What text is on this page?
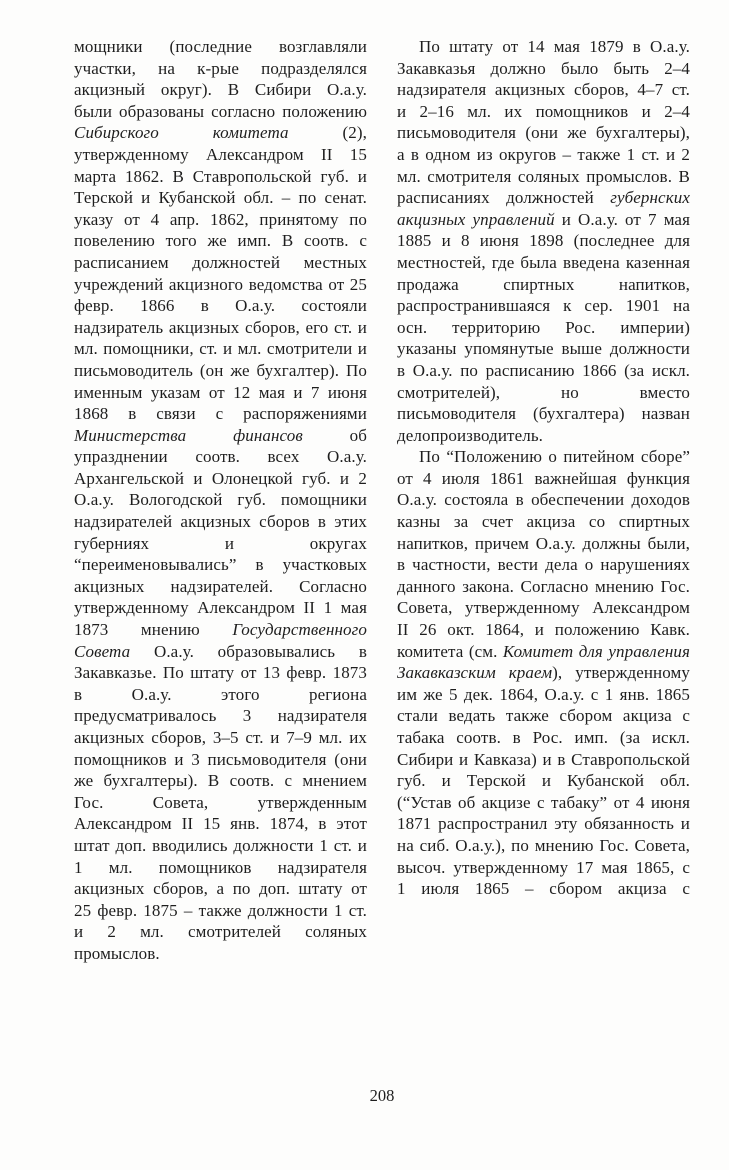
мощники (последние возглавляли участки, на к-рые подразделялся акцизный округ). В Сибири О.а.у. были образованы согласно положению Сибирского комитета (2), утвержденному Александром II 15 марта 1862. В Ставропольской губ. и Терской и Кубанской обл. – по сенат. указу от 4 апр. 1862, принятому по повелению того же имп. В соотв. с расписанием должностей местных учреждений акцизного ведомства от 25 февр. 1866 в О.а.у. состояли надзиратель акцизных сборов, его ст. и мл. помощники, ст. и мл. смотрители и письмоводитель (он же бухгалтер). По именным указам от 12 мая и 7 июня 1868 в связи с распоряжениями Министерства финансов об упразднении соотв. всех О.а.у. Архангельской и Олонецкой губ. и 2 О.а.у. Вологодской губ. помощники надзирателей акцизных сборов в этих губерниях и округах “переименовывались” в участковых акцизных надзирателей. Согласно утвержденному Александром II 1 мая 1873 мнению Государственного Совета О.а.у. образовывались в Закавказье. По штату от 13 февр. 1873 в О.а.у. этого региона предусматривалось 3 надзирателя акцизных сборов, 3–5 ст. и 7–9 мл. их помощников и 3 письмоводителя (они же бухгалтеры). В соотв. с мнением Гос. Совета, утвержденным Александром II 15 янв. 1874, в этот штат доп. вводились должности 1 ст. и 1 мл. помощников надзирателя акцизных сборов, а по доп. штату от 25 февр. 1875 – также должности 1 ст. и 2 мл. смотрителей соляных промыслов.

По штату от 14 мая 1879 в О.а.у. Закавказья должно было быть 2–4 надзирателя акцизных сборов, 4–7 ст. и 2–16 мл. их помощников и 2–4 письмоводителя (они же бухгалтеры), а в одном из округов – также 1 ст. и 2 мл. смотрителя соляных промыслов. В расписаниях должностей губернских акцизных управлений и О.а.у. от 7 мая 1885 и 8 июня 1898 (последнее для местностей, где была введена казенная продажа спиртных напитков, распространившаяся к сер. 1901 на осн. территорию Рос. империи) указаны упомянутые выше должности в О.а.у. по расписанию 1866 (за искл. смотрителей), но вместо письмоводителя (бухгалтера) назван делопроизводитель.

По “Положению о питейном сборе” от 4 июля 1861 важнейшая функция О.а.у. состояла в обеспечении доходов казны за счет акциза со спиртных напитков, причем О.а.у. должны были, в частности, вести дела о нарушениях данного закона. Согласно мнению Гос. Совета, утвержденному Александром II 26 окт. 1864, и положению Кавк. комитета (см. Комитет для управления Закавказским краем), утвержденному им же 5 дек. 1864, О.а.у. с 1 янв. 1865 стали ведать также сбором акциза с табака соотв. в Рос. имп. (за искл. Сибири и Кавказа) и в Ставропольской губ. и Терской и Кубанской обл. (“Устав об акцизе с табаку” от 4 июня 1871 распространил эту обязанность и на сиб. О.а.у.), по мнению Гос. Совета, высоч. утвержденному 17 мая 1865, с 1 июля 1865 – сбором акциза с

208
